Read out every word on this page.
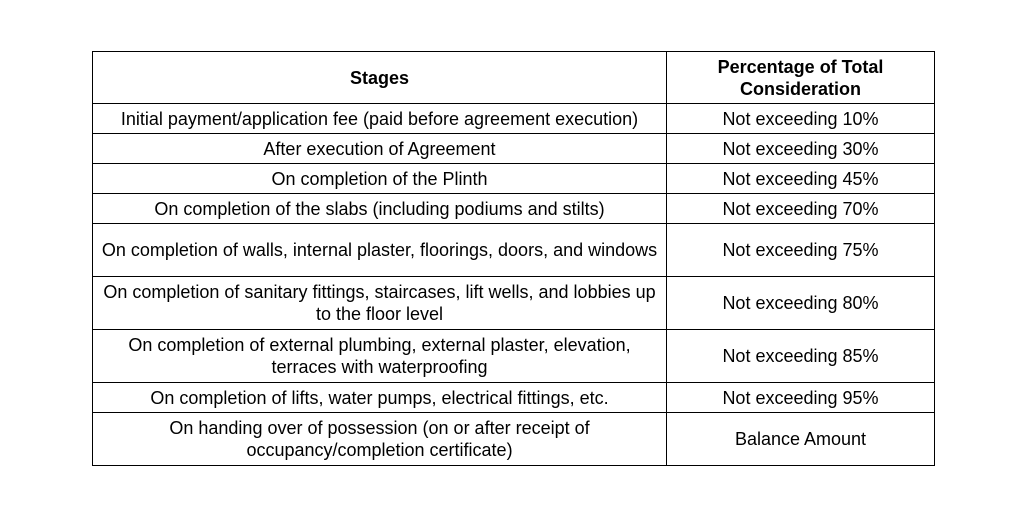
Stages	Percentage of Total Consideration
Initial payment/application fee (paid before agreement execution)	Not exceeding 10%
After execution of Agreement	Not exceeding 30%
On completion of the Plinth	Not exceeding 45%
On completion of the slabs (including podiums and stilts)	Not exceeding 70%
On completion of walls, internal plaster, floorings, doors, and windows	Not exceeding 75%
On completion of sanitary fittings, staircases, lift wells, and lobbies up to the floor level	Not exceeding 80%
On completion of external plumbing, external plaster, elevation, terraces with waterproofing	Not exceeding 85%
On completion of lifts, water pumps, electrical fittings, etc.	Not exceeding 95%
On handing over of possession (on or after receipt of occupancy/completion certificate)	Balance Amount
